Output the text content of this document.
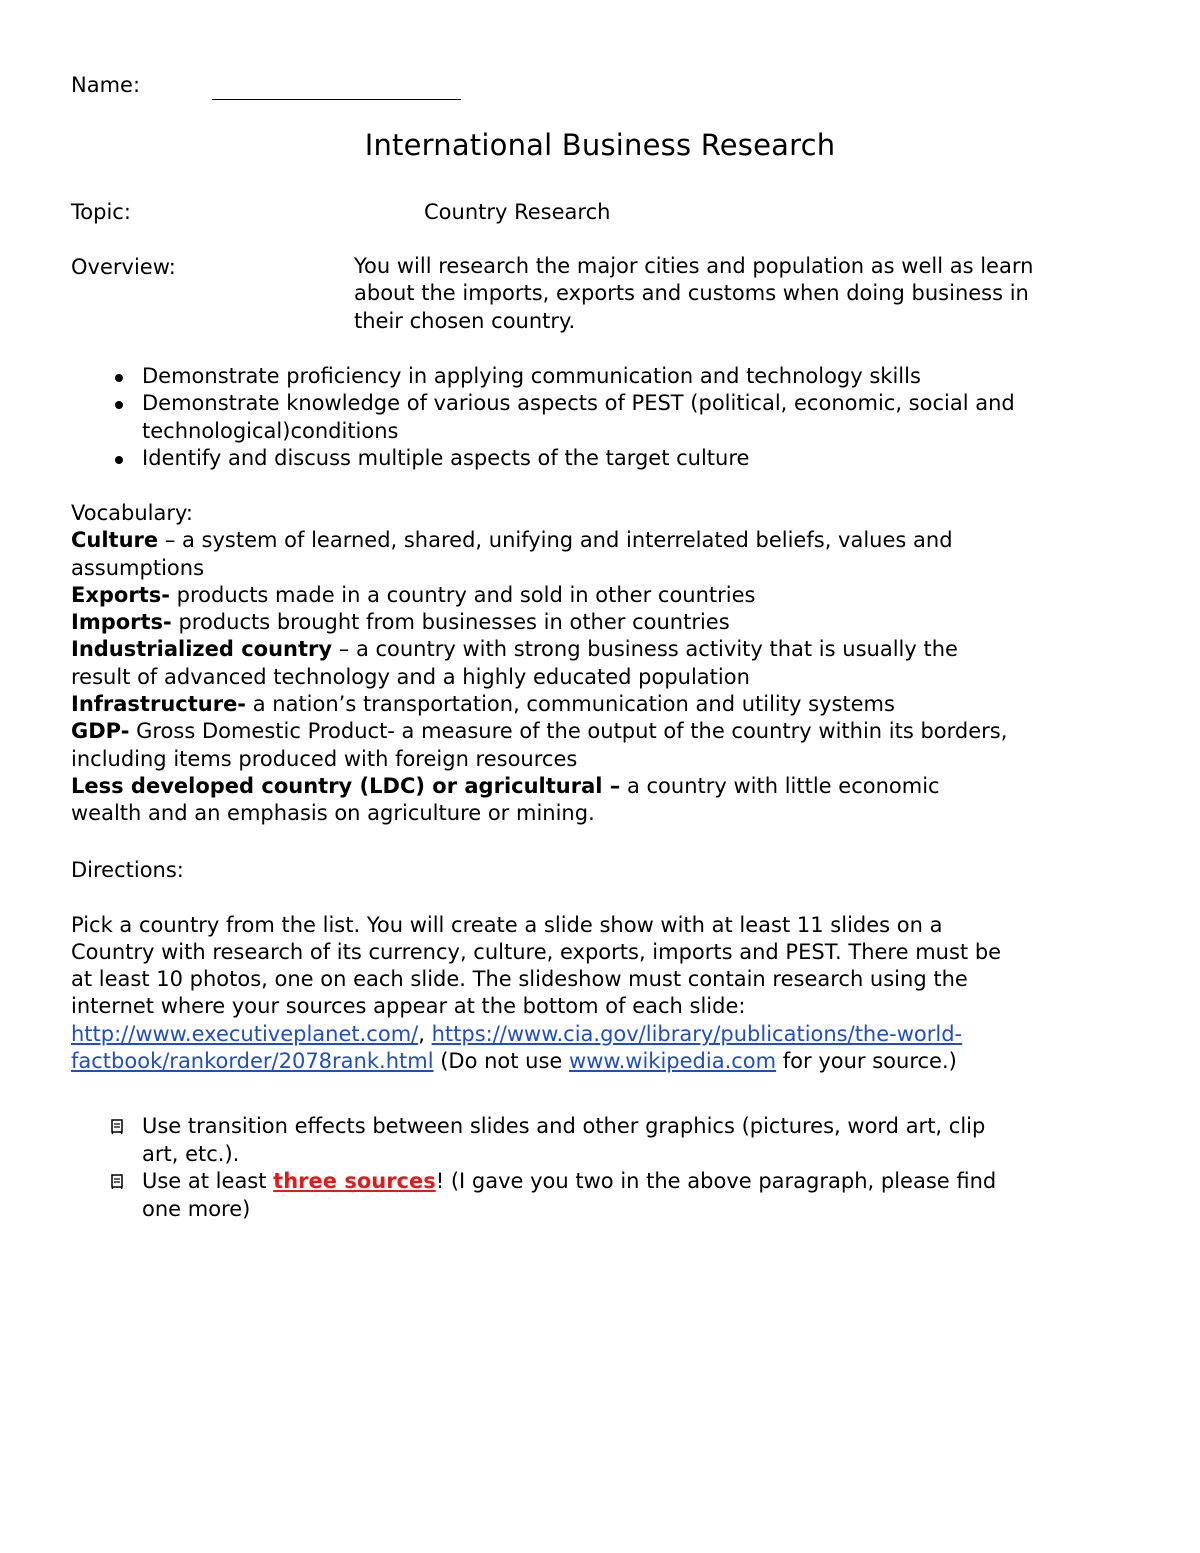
Name:
International Business Research
Topic:	Country Research
Overview:	You will research the major cities and population as well as learn
about the imports, exports and customs when doing business in
their chosen country.
Demonstrate proficiency in applying communication and technology skills
Demonstrate knowledge of various aspects of PEST (political, economic, social and
technological)conditions
Identify and discuss multiple aspects of the target culture
Vocabulary:
Culture – a system of learned, shared, unifying and interrelated beliefs, values and
assumptions
Exports- products made in a country and sold in other countries
Imports- products brought from businesses in other countries
Industrialized country – a country with strong business activity that is usually the
result of advanced technology and a highly educated population
Infrastructure- a nation’s transportation, communication and utility systems
GDP- Gross Domestic Product- a measure of the output of the country within its borders,
including items produced with foreign resources
Less developed country (LDC) or agricultural – a country with little economic
wealth and an emphasis on agriculture or mining.
Directions:
Pick a country from the list. You will create a slide show with at least 11 slides on a
Country with research of its currency, culture, exports, imports and PEST. There must be
at least 10 photos, one on each slide. The slideshow must contain research using the
internet where your sources appear at the bottom of each slide:
http://www.executiveplanet.com/, https://www.cia.gov/library/publications/the-world-
factbook/rankorder/2078rank.html (Do not use www.wikipedia.com for your source.)
Use transition effects between slides and other graphics (pictures, word art, clip
art, etc.).
Use at least three sources! (I gave you two in the above paragraph, please find
one more)
